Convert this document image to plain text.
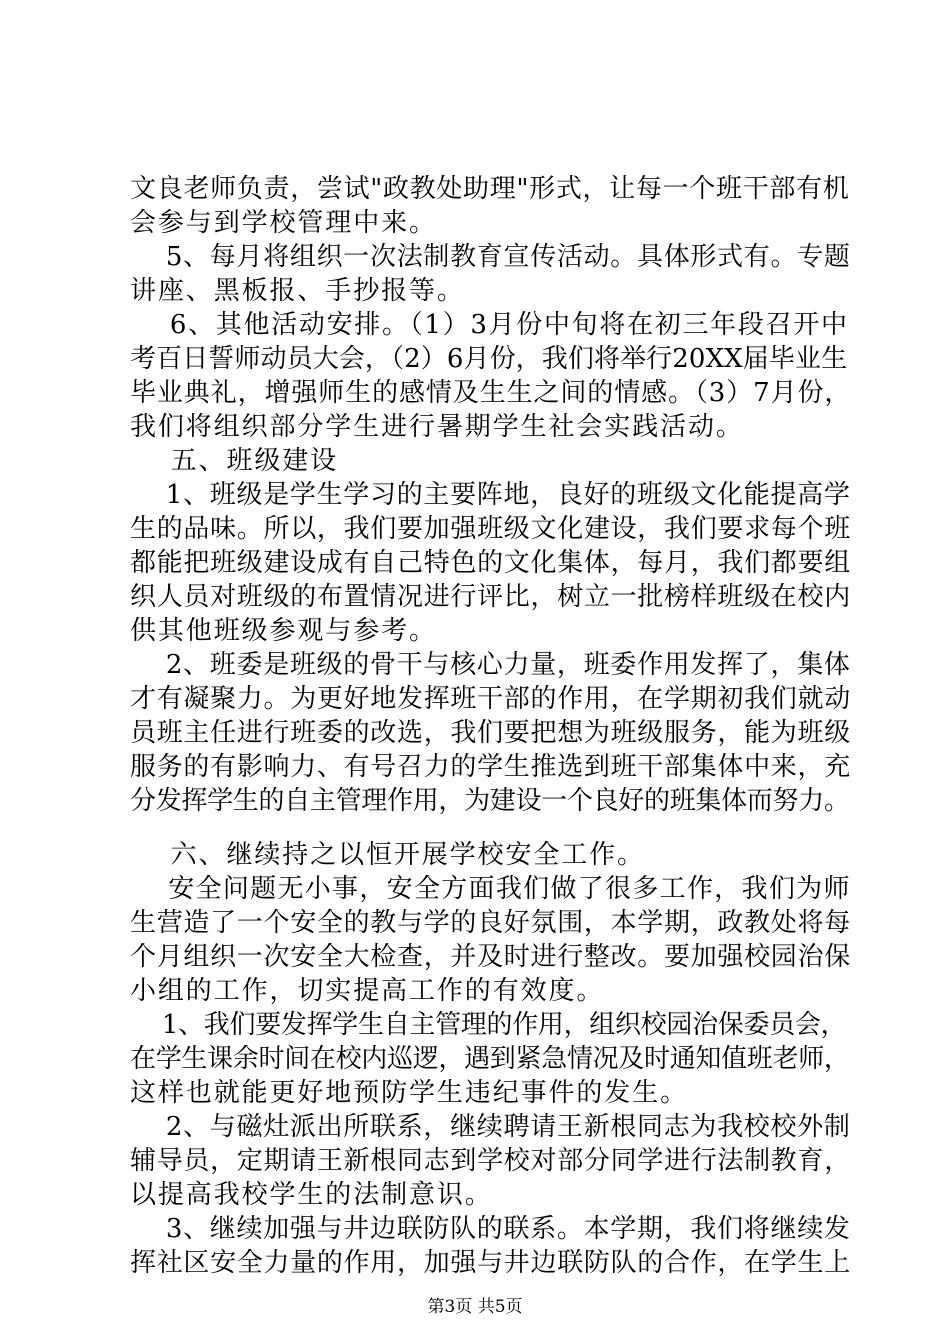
文良老师负责，尝试"政教处助理"形式，让每一个班干部有机
会参与到学校管理中来。
5、每月将组织一次法制教育宣传活动。具体形式有。专题
讲座、黑板报、手抄报等。
6、其他活动安排。（1）3月份中旬将在初三年段召开中
考百日誓师动员大会，（2）6月份，我们将举行20XX届毕业生
毕业典礼，增强师生的感情及生生之间的情感。（3）7月份，
我们将组织部分学生进行暑期学生社会实践活动。
五、班级建设
1、班级是学生学习的主要阵地，良好的班级文化能提高学
生的品味。所以，我们要加强班级文化建设，我们要求每个班
都能把班级建设成有自己特色的文化集体，每月，我们都要组
织人员对班级的布置情况进行评比，树立一批榜样班级在校内
供其他班级参观与参考。
2、班委是班级的骨干与核心力量，班委作用发挥了，集体
才有凝聚力。为更好地发挥班干部的作用，在学期初我们就动
员班主任进行班委的改选，我们要把想为班级服务，能为班级
服务的有影响力、有号召力的学生推选到班干部集体中来，充
分发挥学生的自主管理作用，为建设一个良好的班集体而努力。
六、继续持之以恒开展学校安全工作。
安全问题无小事，安全方面我们做了很多工作，我们为师
生营造了一个安全的教与学的良好氛围，本学期，政教处将每
个月组织一次安全大检查，并及时进行整改。要加强校园治保
小组的工作，切实提高工作的有效度。
1、我们要发挥学生自主管理的作用，组织校园治保委员会，
在学生课余时间在校内巡逻，遇到紧急情况及时通知值班老师，
这样也就能更好地预防学生违纪事件的发生。
2、与磁灶派出所联系，继续聘请王新根同志为我校校外制
辅导员，定期请王新根同志到学校对部分同学进行法制教育，
以提高我校学生的法制意识。
3、继续加强与井边联防队的联系。本学期，我们将继续发
挥社区安全力量的作用，加强与井边联防队的合作，在学生上
第3页 共5页
